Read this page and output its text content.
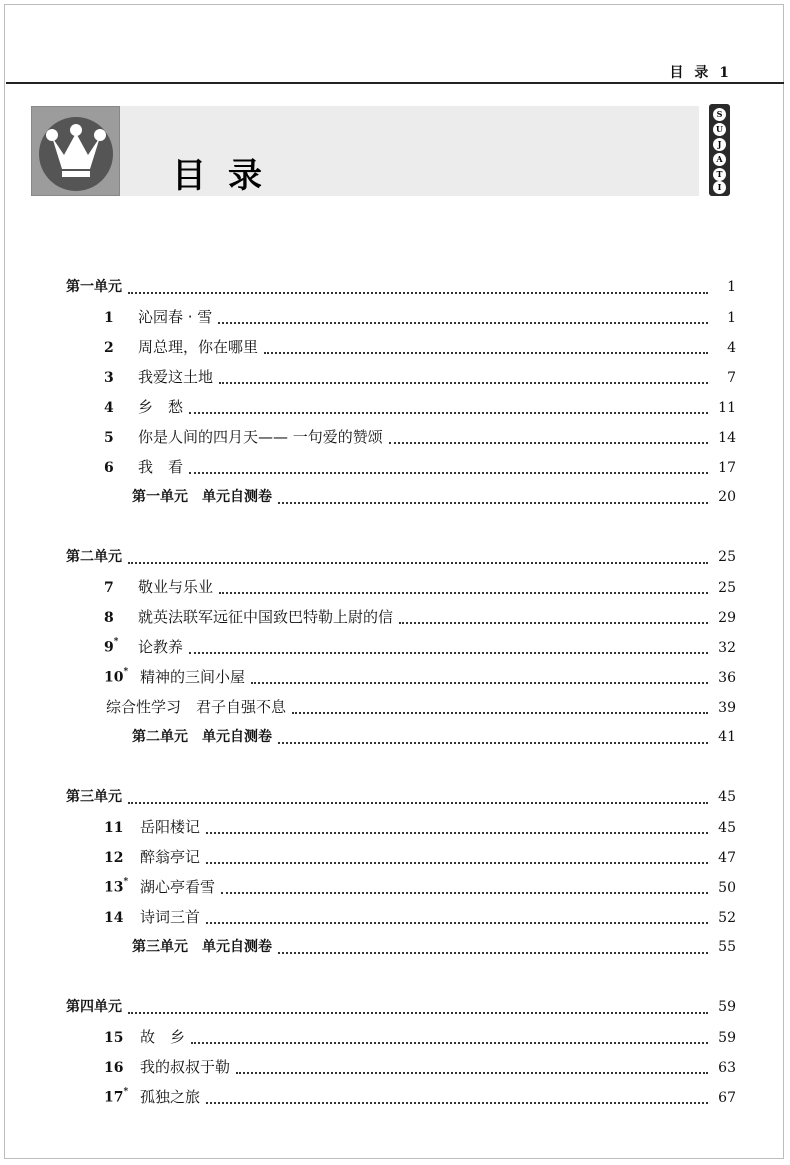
目 录 1
目录
S
U
J
A
T
I
第一单元	1
1	沁园春 · 雪	1
2	周总理，你在哪里	4
3	我爱这土地	7
4	乡　愁	11
5	你是人间的四月天—— 一句爱的赞颂	14
6	我　看	17
第一单元　单元自测卷	20
第二单元	25
7	敬业与乐业	25
8	就英法联军远征中国致巴特勒上尉的信	29
9*	论教养	32
10* 精神的三间小屋	36
综合性学习　君子自强不息	39
第二单元　单元自测卷	41
第三单元	45
11	岳阳楼记	45
12	醉翁亭记	47
13* 湖心亭看雪	50
14	诗词三首	52
第三单元　单元自测卷	55
第四单元	59
15	故　乡	59
16	我的叔叔于勒	63
17* 孤独之旅	67
